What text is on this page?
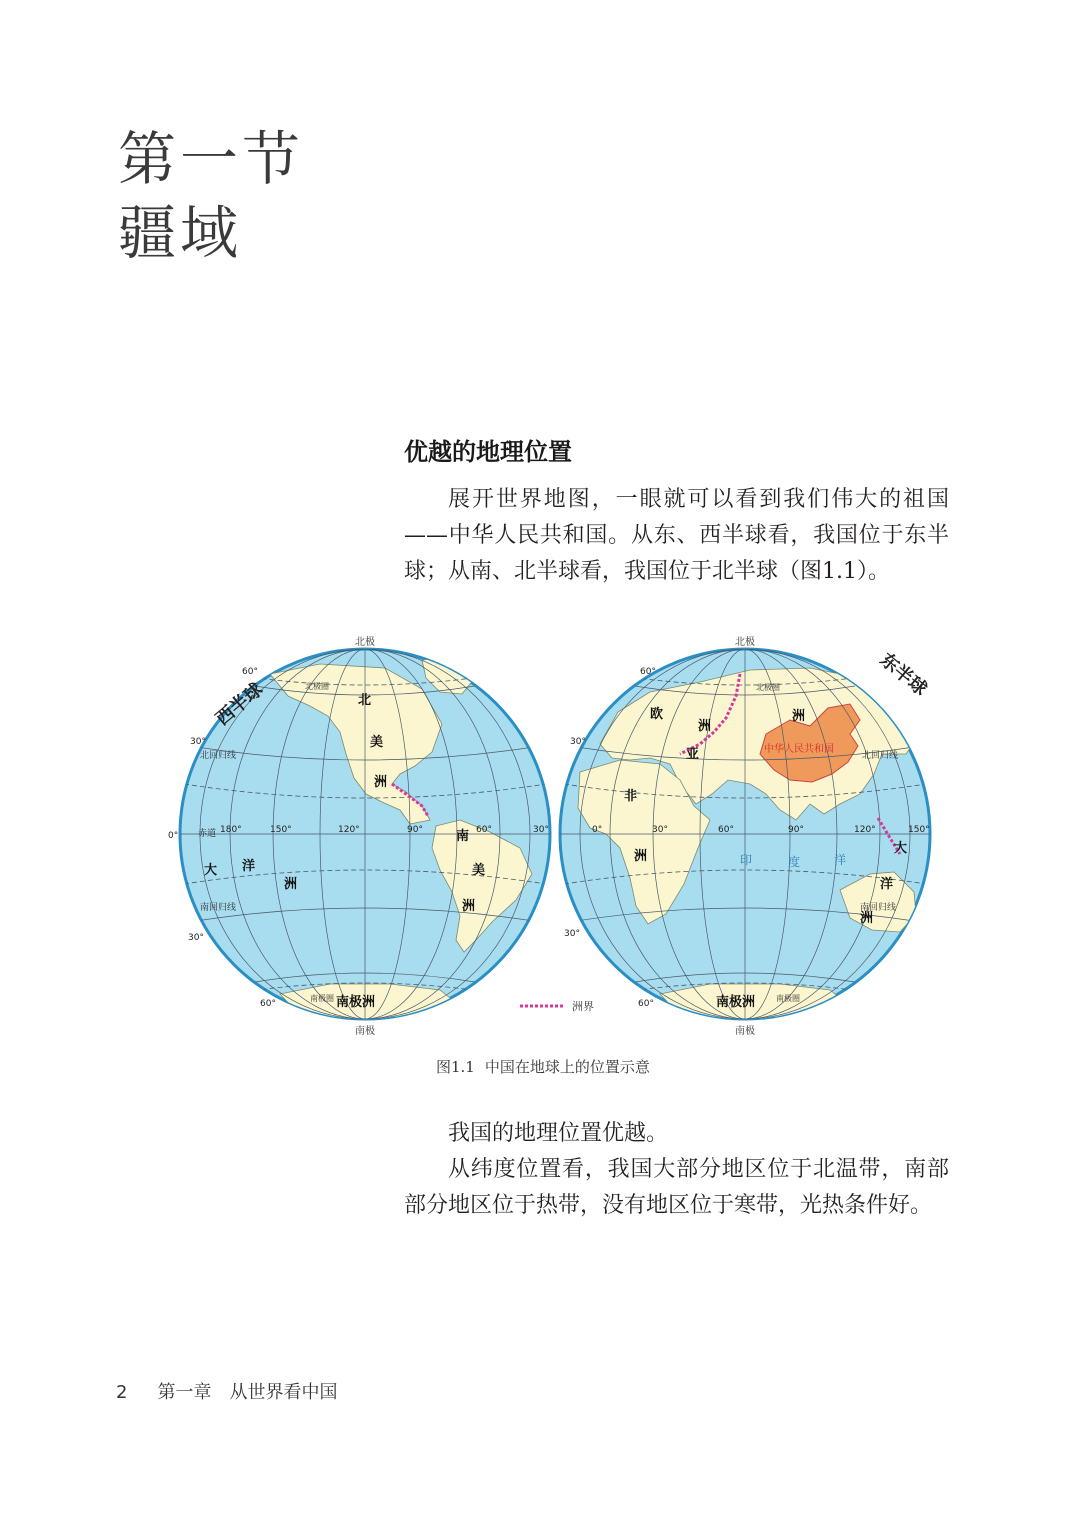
第一节
疆域
优越的地理位置

展开世界地图，一眼就可以看到我们伟大的祖国——中华人民共和国。从东、西半球看，我国位于东半球；从南、北半球看，我国位于北半球（图1.1）。

北极
南极
西半球
赤道
北回归线
南回归线
北极圈
南极圈
北
美
洲
南
美
洲
南极洲
大 洋
洲
180°	150°	120°	90°	60°	30°
60°
30°
0°
30°
60°
北极
南极
东半球
北回归线
南回归线
北极圈
南极圈
中华人民共和国
欧
洲
亚
洲
非
洲
南极洲
大
洋
洲
印	度	洋
0°	30°	60°	90°	120°	150°
60°
30°
30°
60°
洲界
图1.1 中国在地球上的位置示意

我国的地理位置优越。

从纬度位置看，我国大部分地区位于北温带，南部部分地区位于热带，没有地区位于寒带，光热条件好。

2 第一章　从世界看中国
